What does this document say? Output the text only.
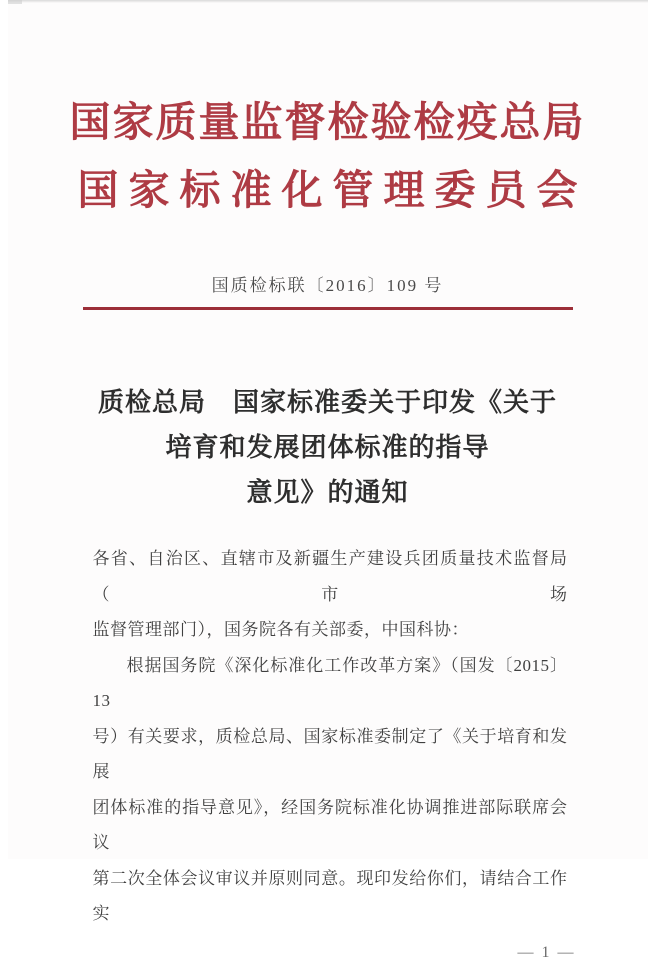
国家质量监督检验检疫总局
国家标准化管理委员会
国质检标联〔2016〕109 号
质检总局　国家标准委关于印发《关于
培育和发展团体标准的指导
意见》的通知
各省、自治区、直辖市及新疆生产建设兵团质量技术监督局（市场
监督管理部门），国务院各有关部委，中国科协：
根据国务院《深化标准化工作改革方案》（国发〔2015〕13
号）有关要求，质检总局、国家标准委制定了《关于培育和发展
团体标准的指导意见》，经国务院标准化协调推进部际联席会议
第二次全体会议审议并原则同意。现印发给你们，请结合工作实
— 1 —
